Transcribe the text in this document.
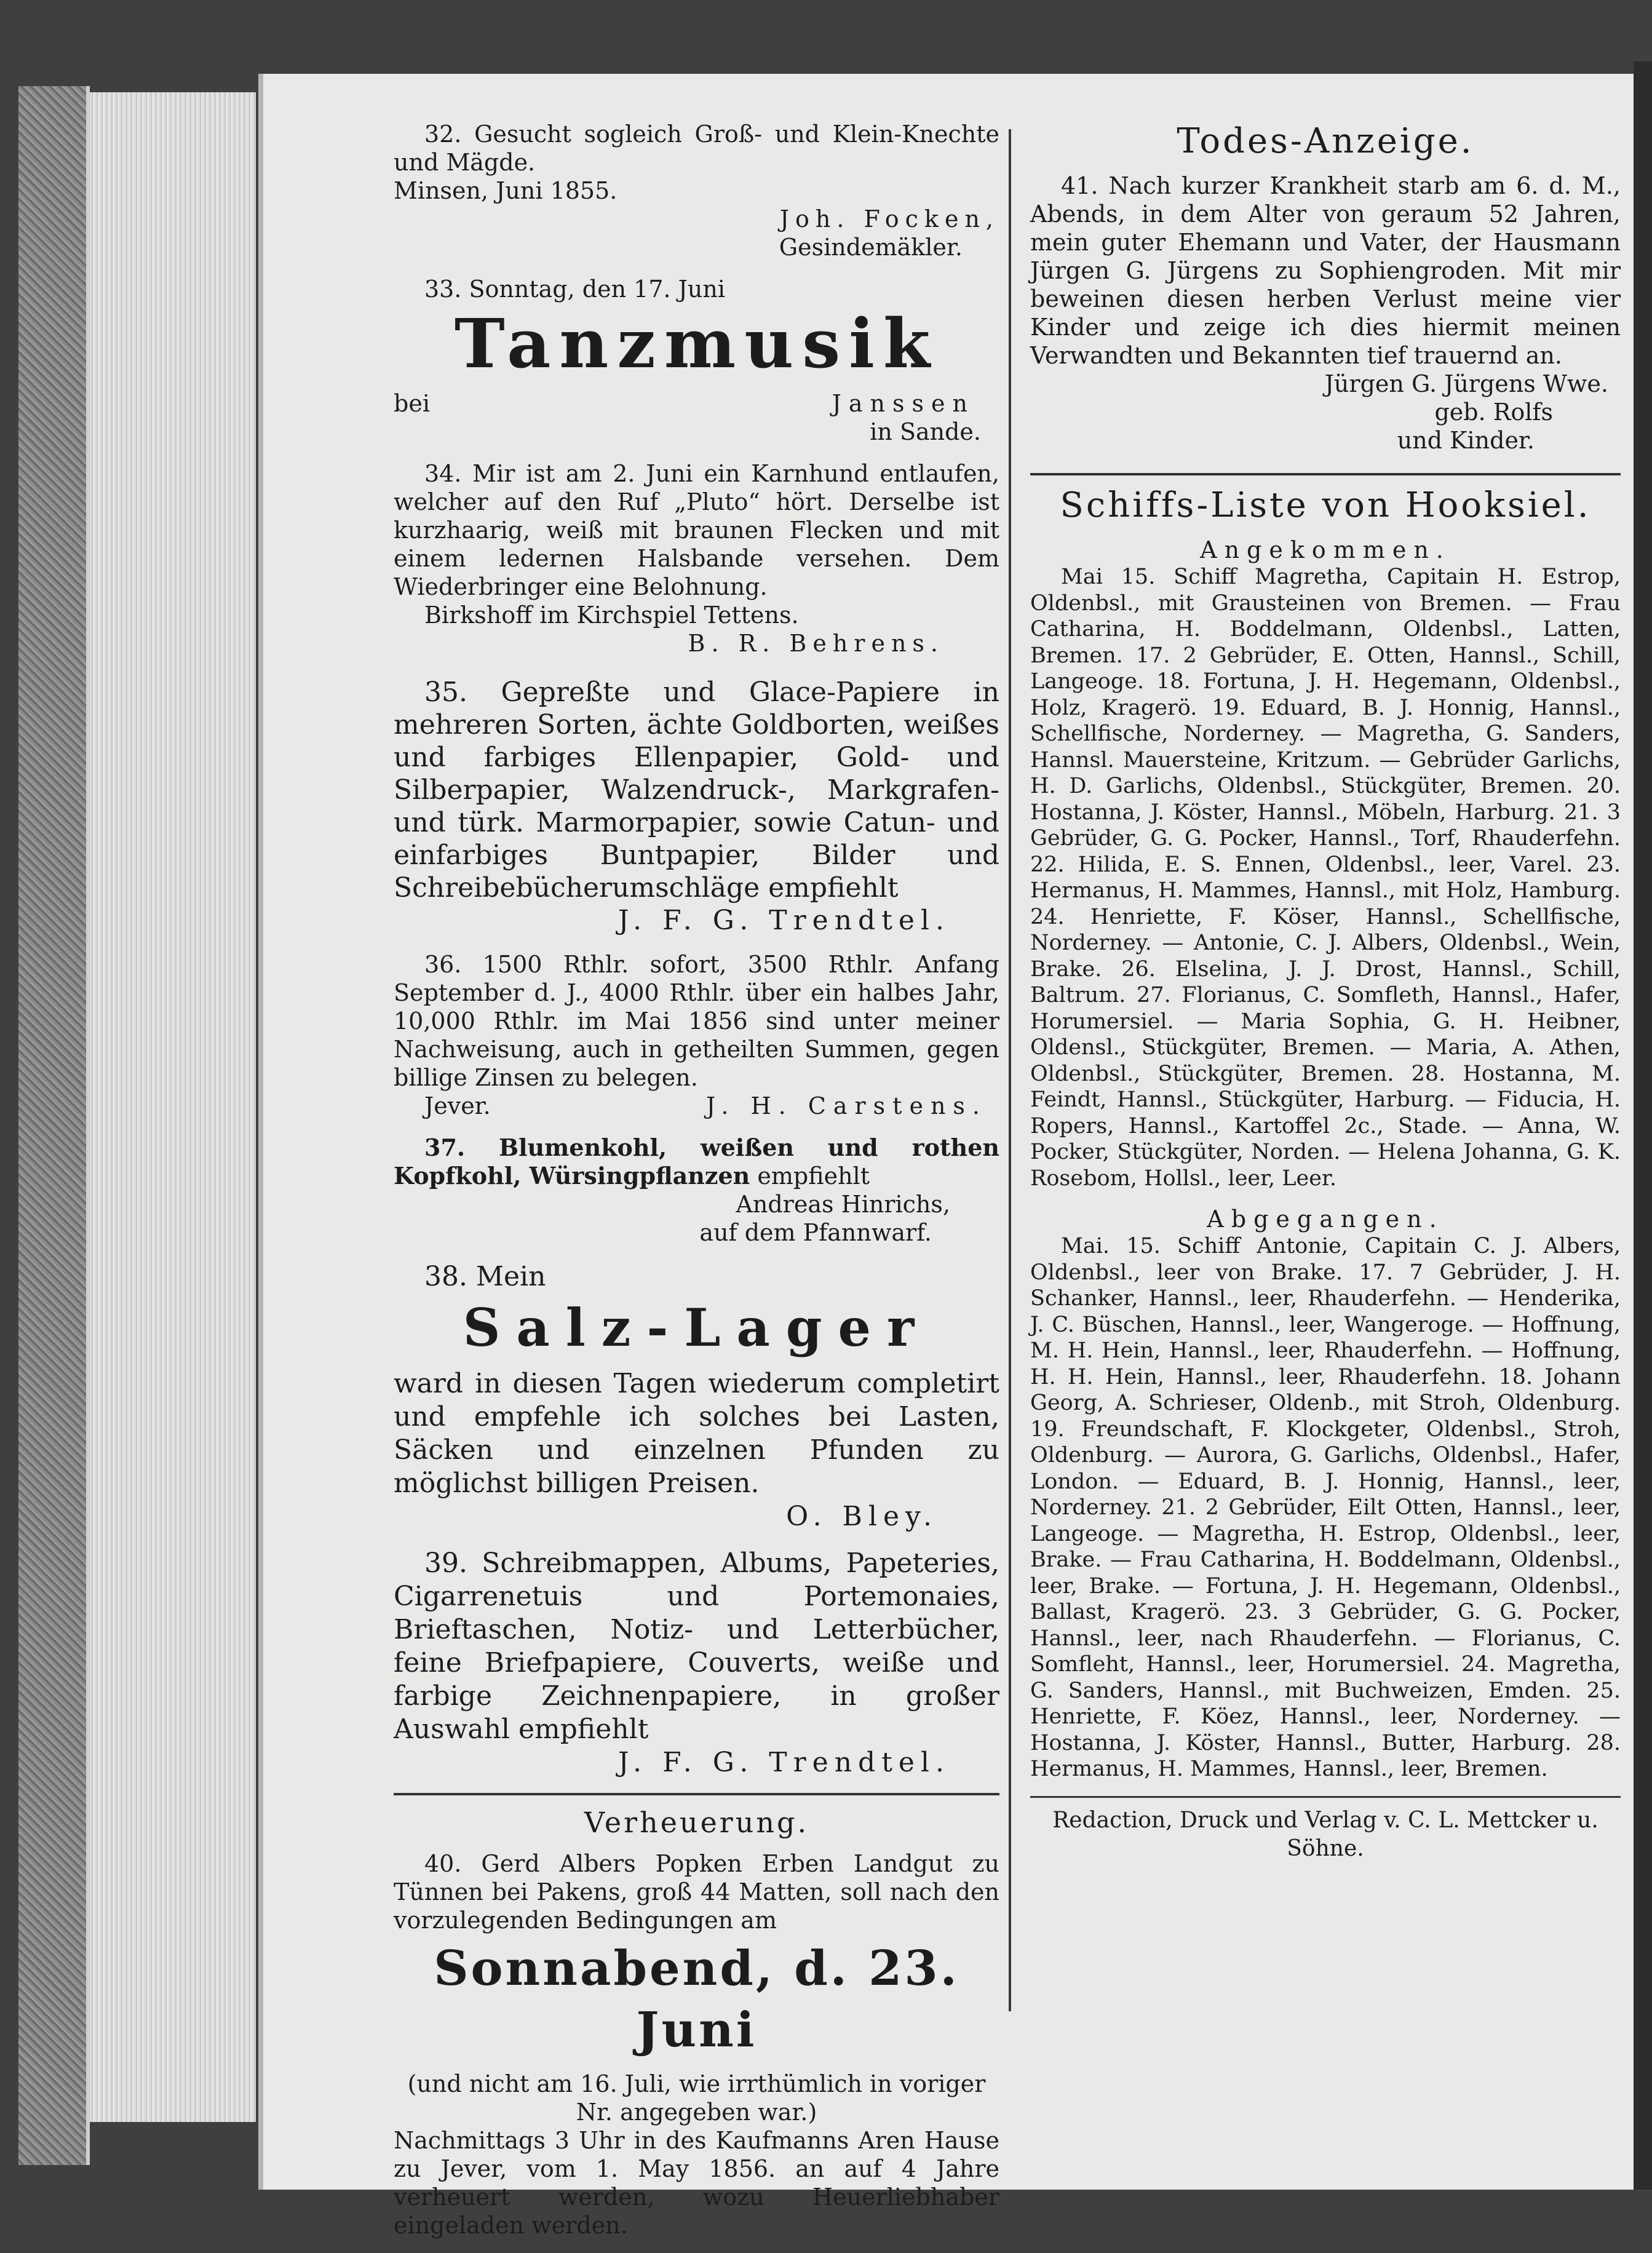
32. Gesucht sogleich Groß- und Klein-Knechte und Mägde.
Minsen, Juni 1855.
Joh. Focken,
Gesindemäkler.
33. Sonntag, den 17. Juni
Tanzmusik
bei	Janssen
in Sande.
34. Mir ist am 2. Juni ein Karnhund entlaufen, welcher auf den Ruf „Pluto“ hört. Derselbe ist kurzhaarig, weiß mit braunen Flecken und mit einem ledernen Halsbande versehen. Dem Wiederbringer eine Belohnung.
Birkshoff im Kirchspiel Tettens.
B. R. Behrens.
35. Gepreßte und Glace-Papiere in mehreren Sorten, ächte Goldborten, weißes und farbiges Ellenpapier, Gold- und Silberpapier, Walzendruck-, Markgrafen- und türk. Marmorpapier, sowie Catun- und einfarbiges Buntpapier, Bilder und Schreibebücherumschläge empfiehlt
J. F. G. Trendtel.
36. 1500 Rthlr. sofort, 3500 Rthlr. Anfang September d. J., 4000 Rthlr. über ein halbes Jahr, 10,000 Rthlr. im Mai 1856 sind unter meiner Nachweisung, auch in getheilten Summen, gegen billige Zinsen zu belegen.
Jever.	J. H. Carstens.
37. Blumenkohl, weißen und rothen Kopfkohl, Würsingpflanzen empfiehlt
Andreas Hinrichs,
auf dem Pfannwarf.
38. Mein
Salz-Lager
ward in diesen Tagen wiederum completirt und empfehle ich solches bei Lasten, Säcken und einzelnen Pfunden zu möglichst billigen Preisen.
O. Bley.
39. Schreibmappen, Albums, Papeteries, Cigarrenetuis und Portemonaies, Brieftaschen, Notiz- und Letterbücher, feine Briefpapiere, Couverts, weiße und farbige Zeichnenpapiere, in großer Auswahl empfiehlt
J. F. G. Trendtel.
Verheuerung.
40. Gerd Albers Popken Erben Landgut zu Tünnen bei Pakens, groß 44 Matten, soll nach den vorzulegenden Bedingungen am
Sonnabend, d. 23. Juni
(und nicht am 16. Juli, wie irrthümlich in voriger Nr. angegeben war.)
Nachmittags 3 Uhr in des Kaufmanns Aren Hause zu Jever, vom 1. May 1856. an auf 4 Jahre verheuert werden, wozu Heuerliebhaber eingeladen werden.
Todes-Anzeige.
41. Nach kurzer Krankheit starb am 6. d. M., Abends, in dem Alter von geraum 52 Jahren, mein guter Ehemann und Vater, der Hausmann Jürgen G. Jürgens zu Sophiengroden. Mit mir beweinen diesen herben Verlust meine vier Kinder und zeige ich dies hiermit meinen Verwandten und Bekannten tief trauernd an.
Jürgen G. Jürgens Wwe.
geb. Rolfs
und Kinder.
Schiffs-Liste von Hooksiel.
Angekommen.
Mai 15. Schiff Magretha, Capitain H. Estrop, Oldenbsl., mit Grausteinen von Bremen. — Frau Catharina, H. Boddelmann, Oldenbsl., Latten, Bremen. 17. 2 Gebrüder, E. Otten, Hannsl., Schill, Langeoge. 18. Fortuna, J. H. Hegemann, Oldenbsl., Holz, Kragerö. 19. Eduard, B. J. Honnig, Hannsl., Schellfische, Norderney. — Magretha, G. Sanders, Hannsl. Mauersteine, Kritzum. — Gebrüder Garlichs, H. D. Garlichs, Oldenbsl., Stückgüter, Bremen. 20. Hostanna, J. Köster, Hannsl., Möbeln, Harburg. 21. 3 Gebrüder, G. G. Pocker, Hannsl., Torf, Rhauderfehn. 22. Hilida, E. S. Ennen, Oldenbsl., leer, Varel. 23. Hermanus, H. Mammes, Hannsl., mit Holz, Hamburg. 24. Henriette, F. Köser, Hannsl., Schellfische, Norderney. — Antonie, C. J. Albers, Oldenbsl., Wein, Brake. 26. Elselina, J. J. Drost, Hannsl., Schill, Baltrum. 27. Florianus, C. Somfleth, Hannsl., Hafer, Horumersiel. — Maria Sophia, G. H. Heibner, Oldensl., Stückgüter, Bremen. — Maria, A. Athen, Oldenbsl., Stückgüter, Bremen. 28. Hostanna, M. Feindt, Hannsl., Stückgüter, Harburg. — Fiducia, H. Ropers, Hannsl., Kartoffel 2c., Stade. — Anna, W. Pocker, Stückgüter, Norden. — Helena Johanna, G. K. Rosebom, Hollsl., leer, Leer.
Abgegangen.
Mai. 15. Schiff Antonie, Capitain C. J. Albers, Oldenbsl., leer von Brake. 17. 7 Gebrüder, J. H. Schanker, Hannsl., leer, Rhauderfehn. — Henderika, J. C. Büschen, Hannsl., leer, Wangeroge. — Hoffnung, M. H. Hein, Hannsl., leer, Rhauderfehn. — Hoffnung, H. H. Hein, Hannsl., leer, Rhauderfehn. 18. Johann Georg, A. Schrieser, Oldenb., mit Stroh, Oldenburg. 19. Freundschaft, F. Klockgeter, Oldenbsl., Stroh, Oldenburg. — Aurora, G. Garlichs, Oldenbsl., Hafer, London. — Eduard, B. J. Honnig, Hannsl., leer, Norderney. 21. 2 Gebrüder, Eilt Otten, Hannsl., leer, Langeoge. — Magretha, H. Estrop, Oldenbsl., leer, Brake. — Frau Catharina, H. Boddelmann, Oldenbsl., leer, Brake. — Fortuna, J. H. Hegemann, Oldenbsl., Ballast, Kragerö. 23. 3 Gebrüder, G. G. Pocker, Hannsl., leer, nach Rhauderfehn. — Florianus, C. Somfleht, Hannsl., leer, Horumersiel. 24. Magretha, G. Sanders, Hannsl., mit Buchweizen, Emden. 25. Henriette, F. Köez, Hannsl., leer, Norderney. — Hostanna, J. Köster, Hannsl., Butter, Harburg. 28. Hermanus, H. Mammes, Hannsl., leer, Bremen.
Redaction, Druck und Verlag v. C. L. Mettcker u. Söhne.
